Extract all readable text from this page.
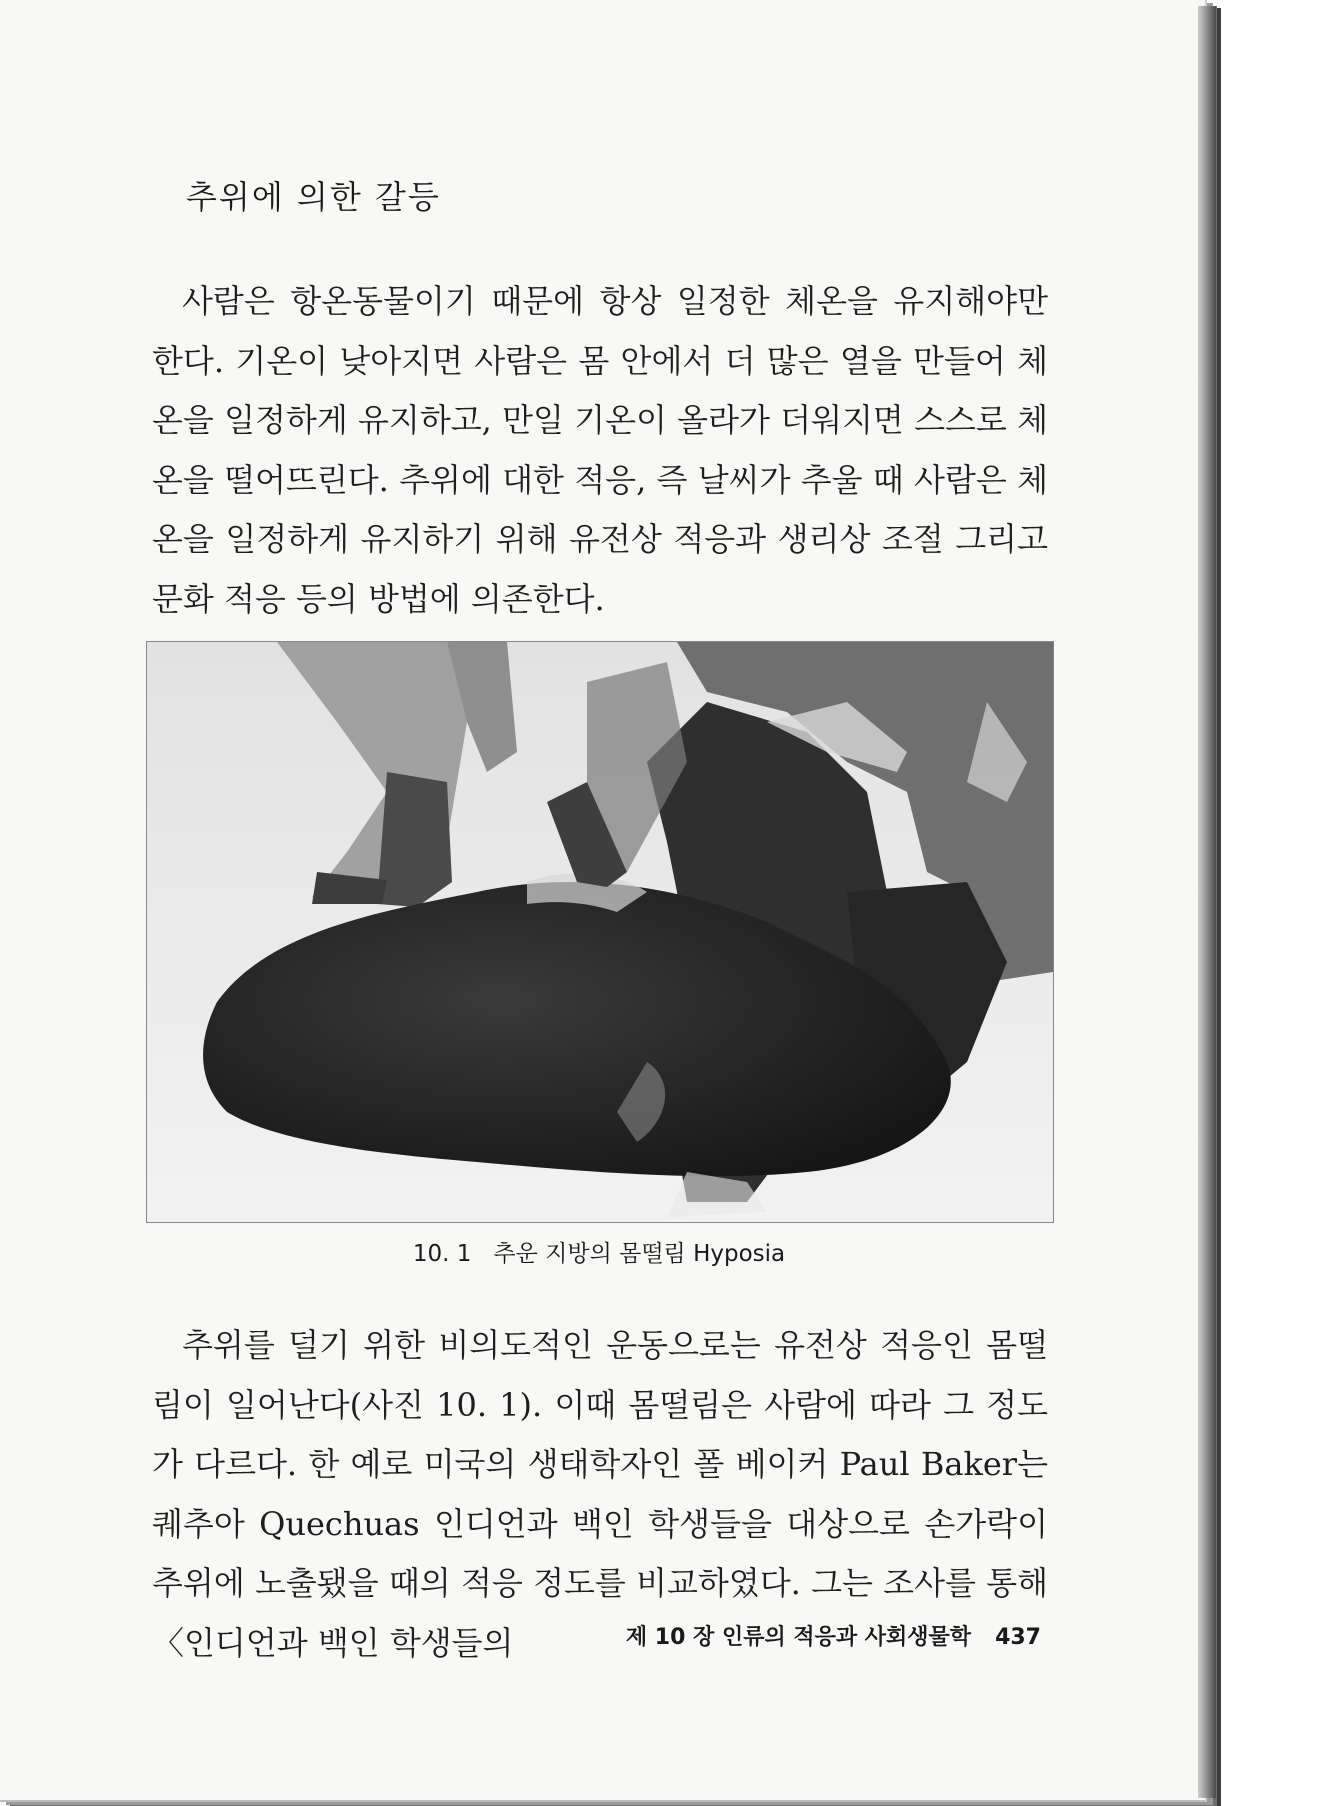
추위에 의한 갈등

사람은 항온동물이기 때문에 항상 일정한 체온을 유지해야만 한다. 기온이 낮아지면 사람은 몸 안에서 더 많은 열을 만들어 체온을 일정하게 유지하고, 만일 기온이 올라가 더워지면 스스로 체온을 떨어뜨린다. 추위에 대한 적응, 즉 날씨가 추울 때 사람은 체온을 일정하게 유지하기 위해 유전상 적응과 생리상 조절 그리고 문화 적응 등의 방법에 의존한다.

10. 1 추운 지방의 몸떨림 Hyposia

추위를 덜기 위한 비의도적인 운동으로는 유전상 적응인 몸떨림이 일어난다(사진 10. 1). 이때 몸떨림은 사람에 따라 그 정도가 다르다. 한 예로 미국의 생태학자인 폴 베이커 Paul Baker는 퀘추아 Quechuas 인디언과 백인 학생들을 대상으로 손가락이 추위에 노출됐을 때의 적응 정도를 비교하였다. 그는 조사를 통해 〈인디언과 백인 학생들의	제 10 장 인류의 적응과 사회생물학 437
